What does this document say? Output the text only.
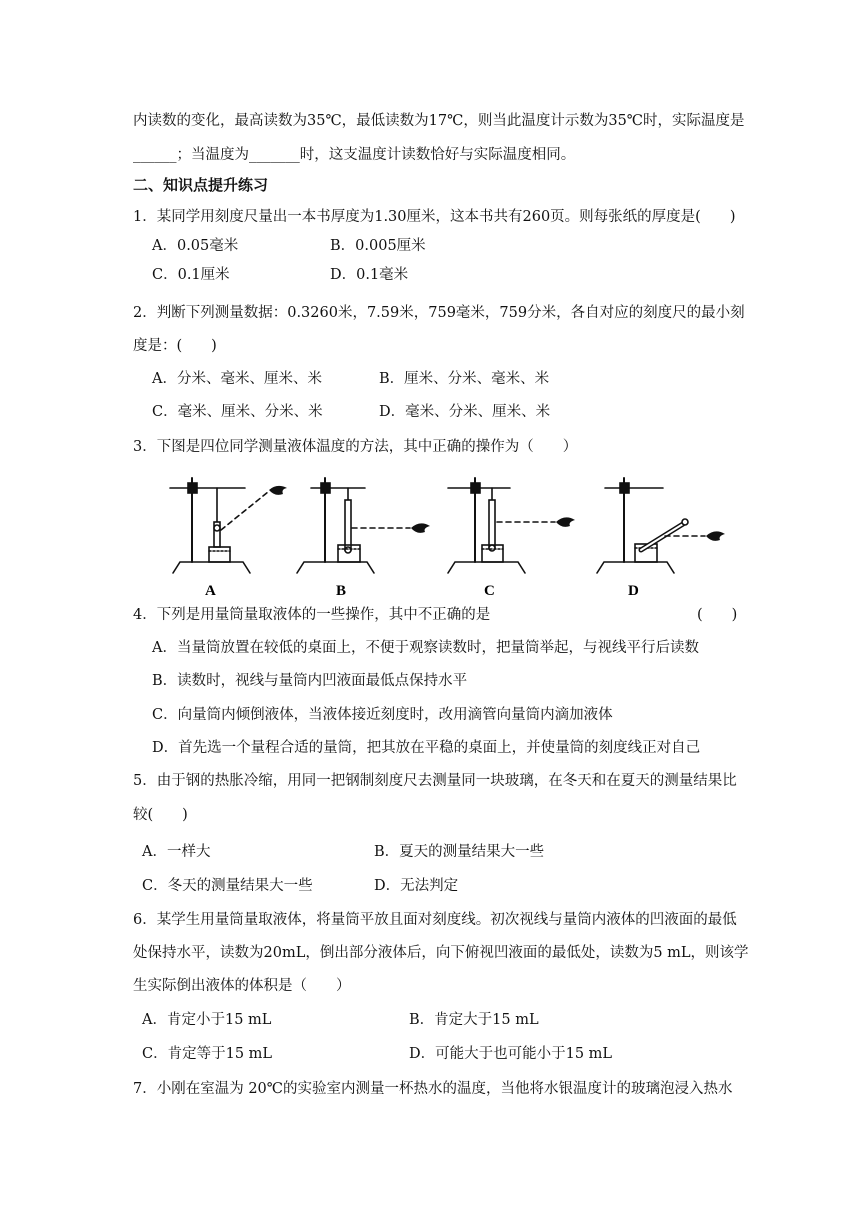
内读数的变化，最高读数为35℃，最低读数为17℃，则当此温度计示数为35℃时，实际温度是
______；当温度为_______时，这支温度计读数恰好与实际温度相同。
二、知识点提升练习
1．某同学用刻度尺量出一本书厚度为1.30厘米，这本书共有260页。则每张纸的厚度是(　　)
A．0.05毫米	B．0.005厘米
C．0.1厘米	D．0.1毫米
2．判断下列测量数据：0.3260米，7.59米，759毫米，759分米，各自对应的刻度尺的最小刻
度是：(　　)
A．分米、毫米、厘米、米	B．厘米、分米、毫米、米
C．毫米、厘米、分米、米	D．毫米、分米、厘米、米
3．下图是四位同学测量液体温度的方法，其中正确的操作为（　　）
A	B	C	D
4．下列是用量筒量取液体的一些操作，其中不正确的是	(　　)
A．当量筒放置在较低的桌面上，不便于观察读数时，把量筒举起，与视线平行后读数
B．读数时，视线与量筒内凹液面最低点保持水平
C．向量筒内倾倒液体，当液体接近刻度时，改用滴管向量筒内滴加液体
D．首先选一个量程合适的量筒，把其放在平稳的桌面上，并使量筒的刻度线正对自己
5．由于钢的热胀冷缩，用同一把钢制刻度尺去测量同一块玻璃，在冬天和在夏天的测量结果比
较(　　)
A．一样大	B．夏天的测量结果大一些
C．冬天的测量结果大一些	D．无法判定
6．某学生用量筒量取液体，将量筒平放且面对刻度线。初次视线与量筒内液体的凹液面的最低
处保持水平，读数为20mL，倒出部分液体后，向下俯视凹液面的最低处，读数为5 mL，则该学
生实际倒出液体的体积是（　　）
A．肯定小于15 mL	B．肯定大于15 mL
C．肯定等于15 mL	D．可能大于也可能小于15 mL
7．小刚在室温为 20℃的实验室内测量一杯热水的温度，当他将水银温度计的玻璃泡浸入热水
